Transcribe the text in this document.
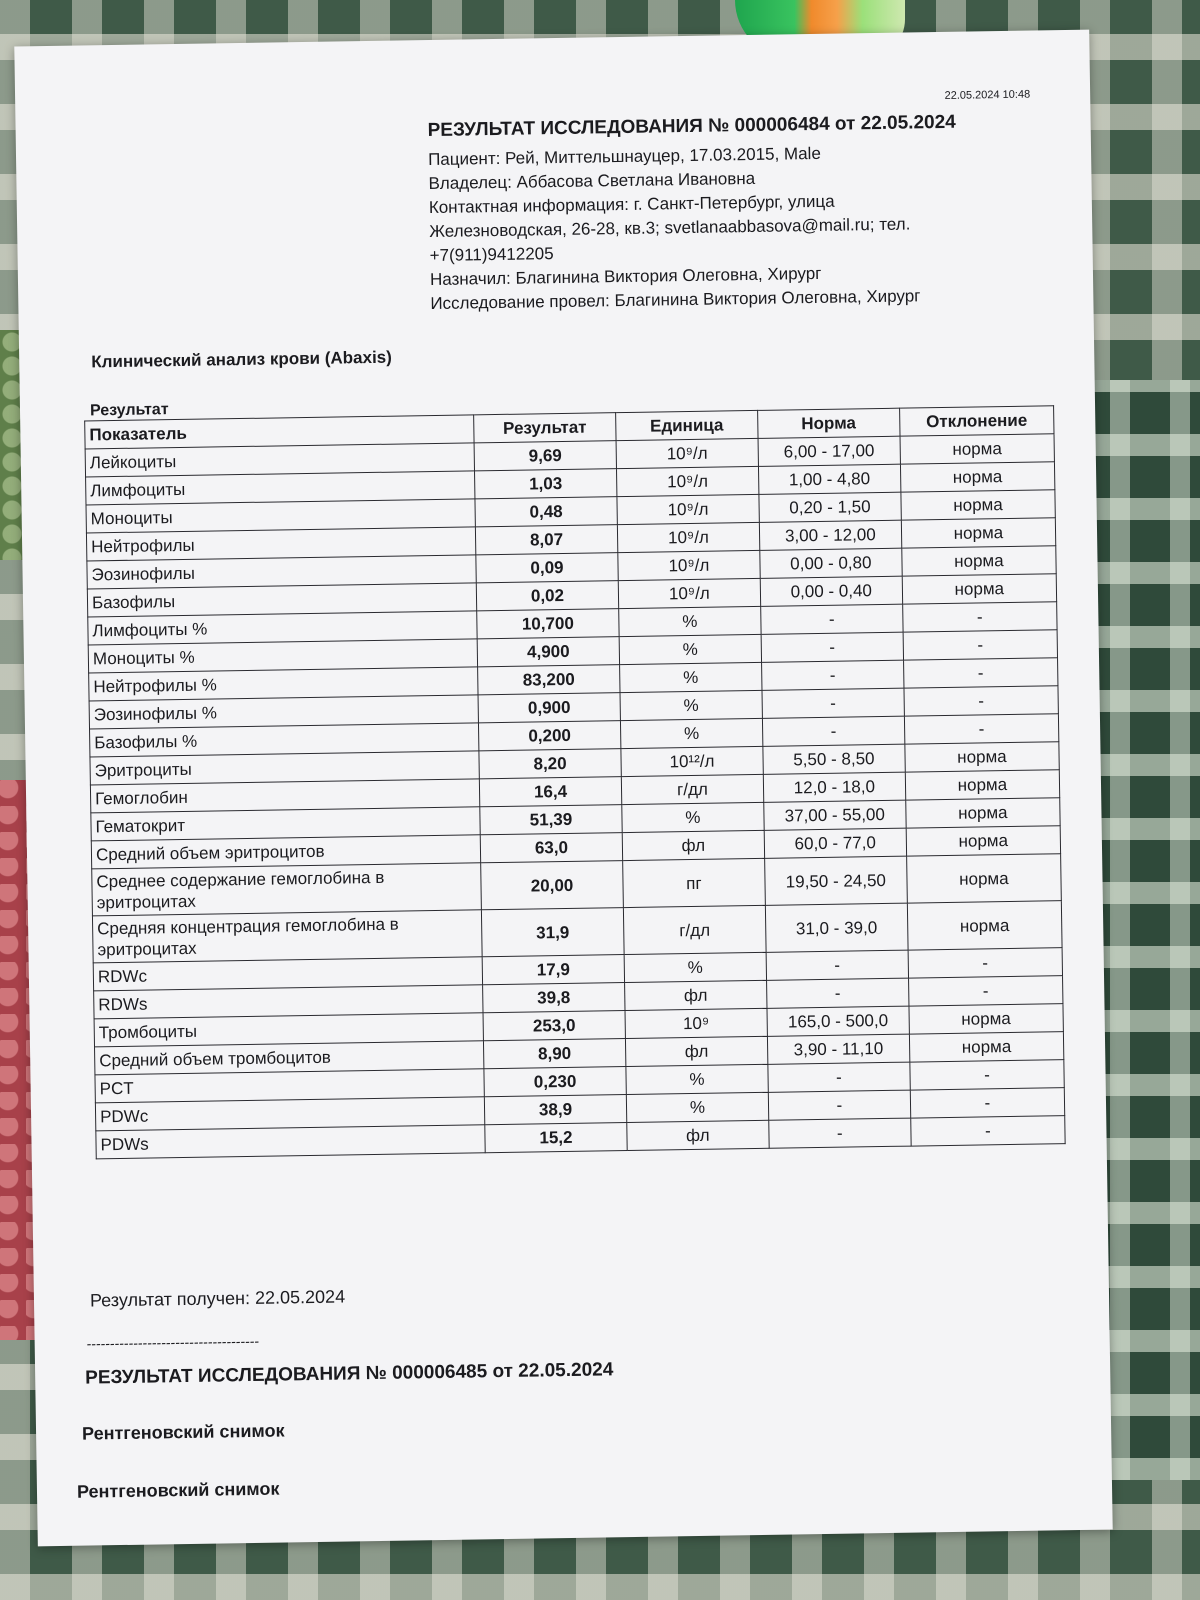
22.05.2024 10:48
РЕЗУЛЬТАТ ИССЛЕДОВАНИЯ № 000006484 от 22.05.2024
Пациент: Рей, Миттельшнауцер, 17.03.2015, Male
Владелец: Аббасова Светлана Ивановна
Контактная информация: г. Санкт-Петербург, улица
Железноводская, 26-28, кв.3; svetlanaabbasova@mail.ru; тел.
+7(911)9412205
Назначил: Благинина Виктория Олеговна, Хирург
Исследование провел: Благинина Виктория Олеговна, Хирург
Клинический анализ крови (Abaxis)
Результат
Показатель	Результат	Единица	Норма	Отклонение
Лейкоциты	9,69	10⁹/л	6,00 - 17,00	норма
Лимфоциты	1,03	10⁹/л	1,00 - 4,80	норма
Моноциты	0,48	10⁹/л	0,20 - 1,50	норма
Нейтрофилы	8,07	10⁹/л	3,00 - 12,00	норма
Эозинофилы	0,09	10⁹/л	0,00 - 0,80	норма
Базофилы	0,02	10⁹/л	0,00 - 0,40	норма
Лимфоциты %	10,700	%	-	-
Моноциты %	4,900	%	-	-
Нейтрофилы %	83,200	%	-	-
Эозинофилы %	0,900	%	-	-
Базофилы %	0,200	%	-	-
Эритроциты	8,20	10¹²/л	5,50 - 8,50	норма
Гемоглобин	16,4	г/дл	12,0 - 18,0	норма
Гематокрит	51,39	%	37,00 - 55,00	норма
Средний объем эритроцитов	63,0	фл	60,0 - 77,0	норма
Среднее содержание гемоглобина в эритроцитах	20,00	пг	19,50 - 24,50	норма
Средняя концентрация гемоглобина в эритроцитах	31,9	г/дл	31,0 - 39,0	норма
RDWc	17,9	%	-	-
RDWs	39,8	фл	-	-
Тромбоциты	253,0	10⁹	165,0 - 500,0	норма
Средний объем тромбоцитов	8,90	фл	3,90 - 11,10	норма
PCT	0,230	%	-	-
PDWc	38,9	%	-	-
PDWs	15,2	фл	-	-
Результат получен: 22.05.2024
-------------------------------------
РЕЗУЛЬТАТ ИССЛЕДОВАНИЯ № 000006485 от 22.05.2024
Рентгеновский снимок
Рентгеновский снимок
